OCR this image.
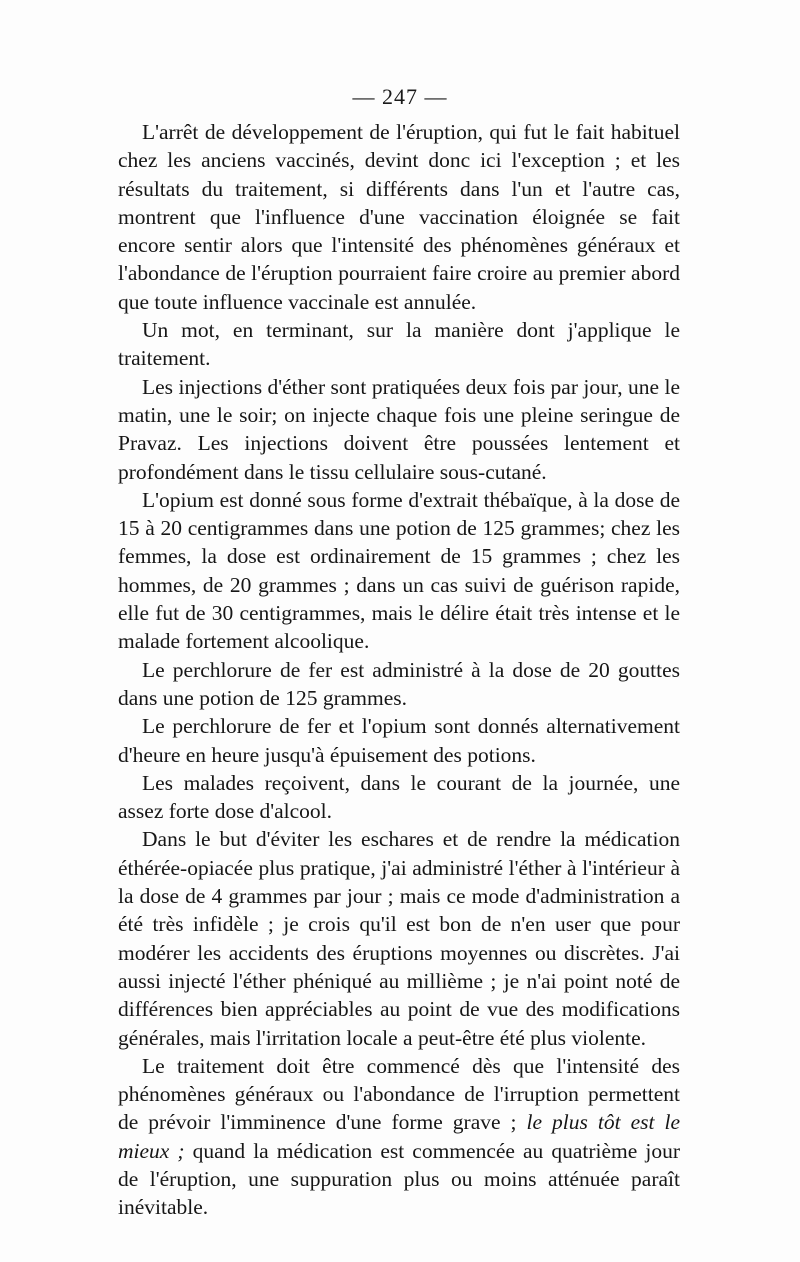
— 247 —

L'arrêt de développement de l'éruption, qui fut le fait habituel chez les anciens vaccinés, devint donc ici l'exception ; et les résultats du traitement, si différents dans l'un et l'autre cas, montrent que l'influence d'une vaccination éloignée se fait encore sentir alors que l'intensité des phénomènes généraux et l'abondance de l'éruption pourraient faire croire au premier abord que toute influence vaccinale est annulée.

Un mot, en terminant, sur la manière dont j'applique le traitement.

Les injections d'éther sont pratiquées deux fois par jour, une le matin, une le soir; on injecte chaque fois une pleine seringue de Pravaz. Les injections doivent être poussées lentement et profondément dans le tissu cellulaire sous-cutané.

L'opium est donné sous forme d'extrait thébaïque, à la dose de 15 à 20 centigrammes dans une potion de 125 grammes; chez les femmes, la dose est ordinairement de 15 grammes ; chez les hommes, de 20 grammes ; dans un cas suivi de guérison rapide, elle fut de 30 centigrammes, mais le délire était très intense et le malade fortement alcoolique.

Le perchlorure de fer est administré à la dose de 20 gouttes dans une potion de 125 grammes.

Le perchlorure de fer et l'opium sont donnés alternativement d'heure en heure jusqu'à épuisement des potions.

Les malades reçoivent, dans le courant de la journée, une assez forte dose d'alcool.

Dans le but d'éviter les eschares et de rendre la médication éthérée-opiacée plus pratique, j'ai administré l'éther à l'intérieur à la dose de 4 grammes par jour ; mais ce mode d'administration a été très infidèle ; je crois qu'il est bon de n'en user que pour modérer les accidents des éruptions moyennes ou discrètes. J'ai aussi injecté l'éther phéniqué au millième ; je n'ai point noté de différences bien appréciables au point de vue des modifications générales, mais l'irritation locale a peut-être été plus violente.

Le traitement doit être commencé dès que l'intensité des phénomènes généraux ou l'abondance de l'irruption permettent de prévoir l'imminence d'une forme grave ; le plus tôt est le mieux ; quand la médication est commencée au quatrième jour de l'éruption, une suppuration plus ou moins atténuée paraît inévitable.
